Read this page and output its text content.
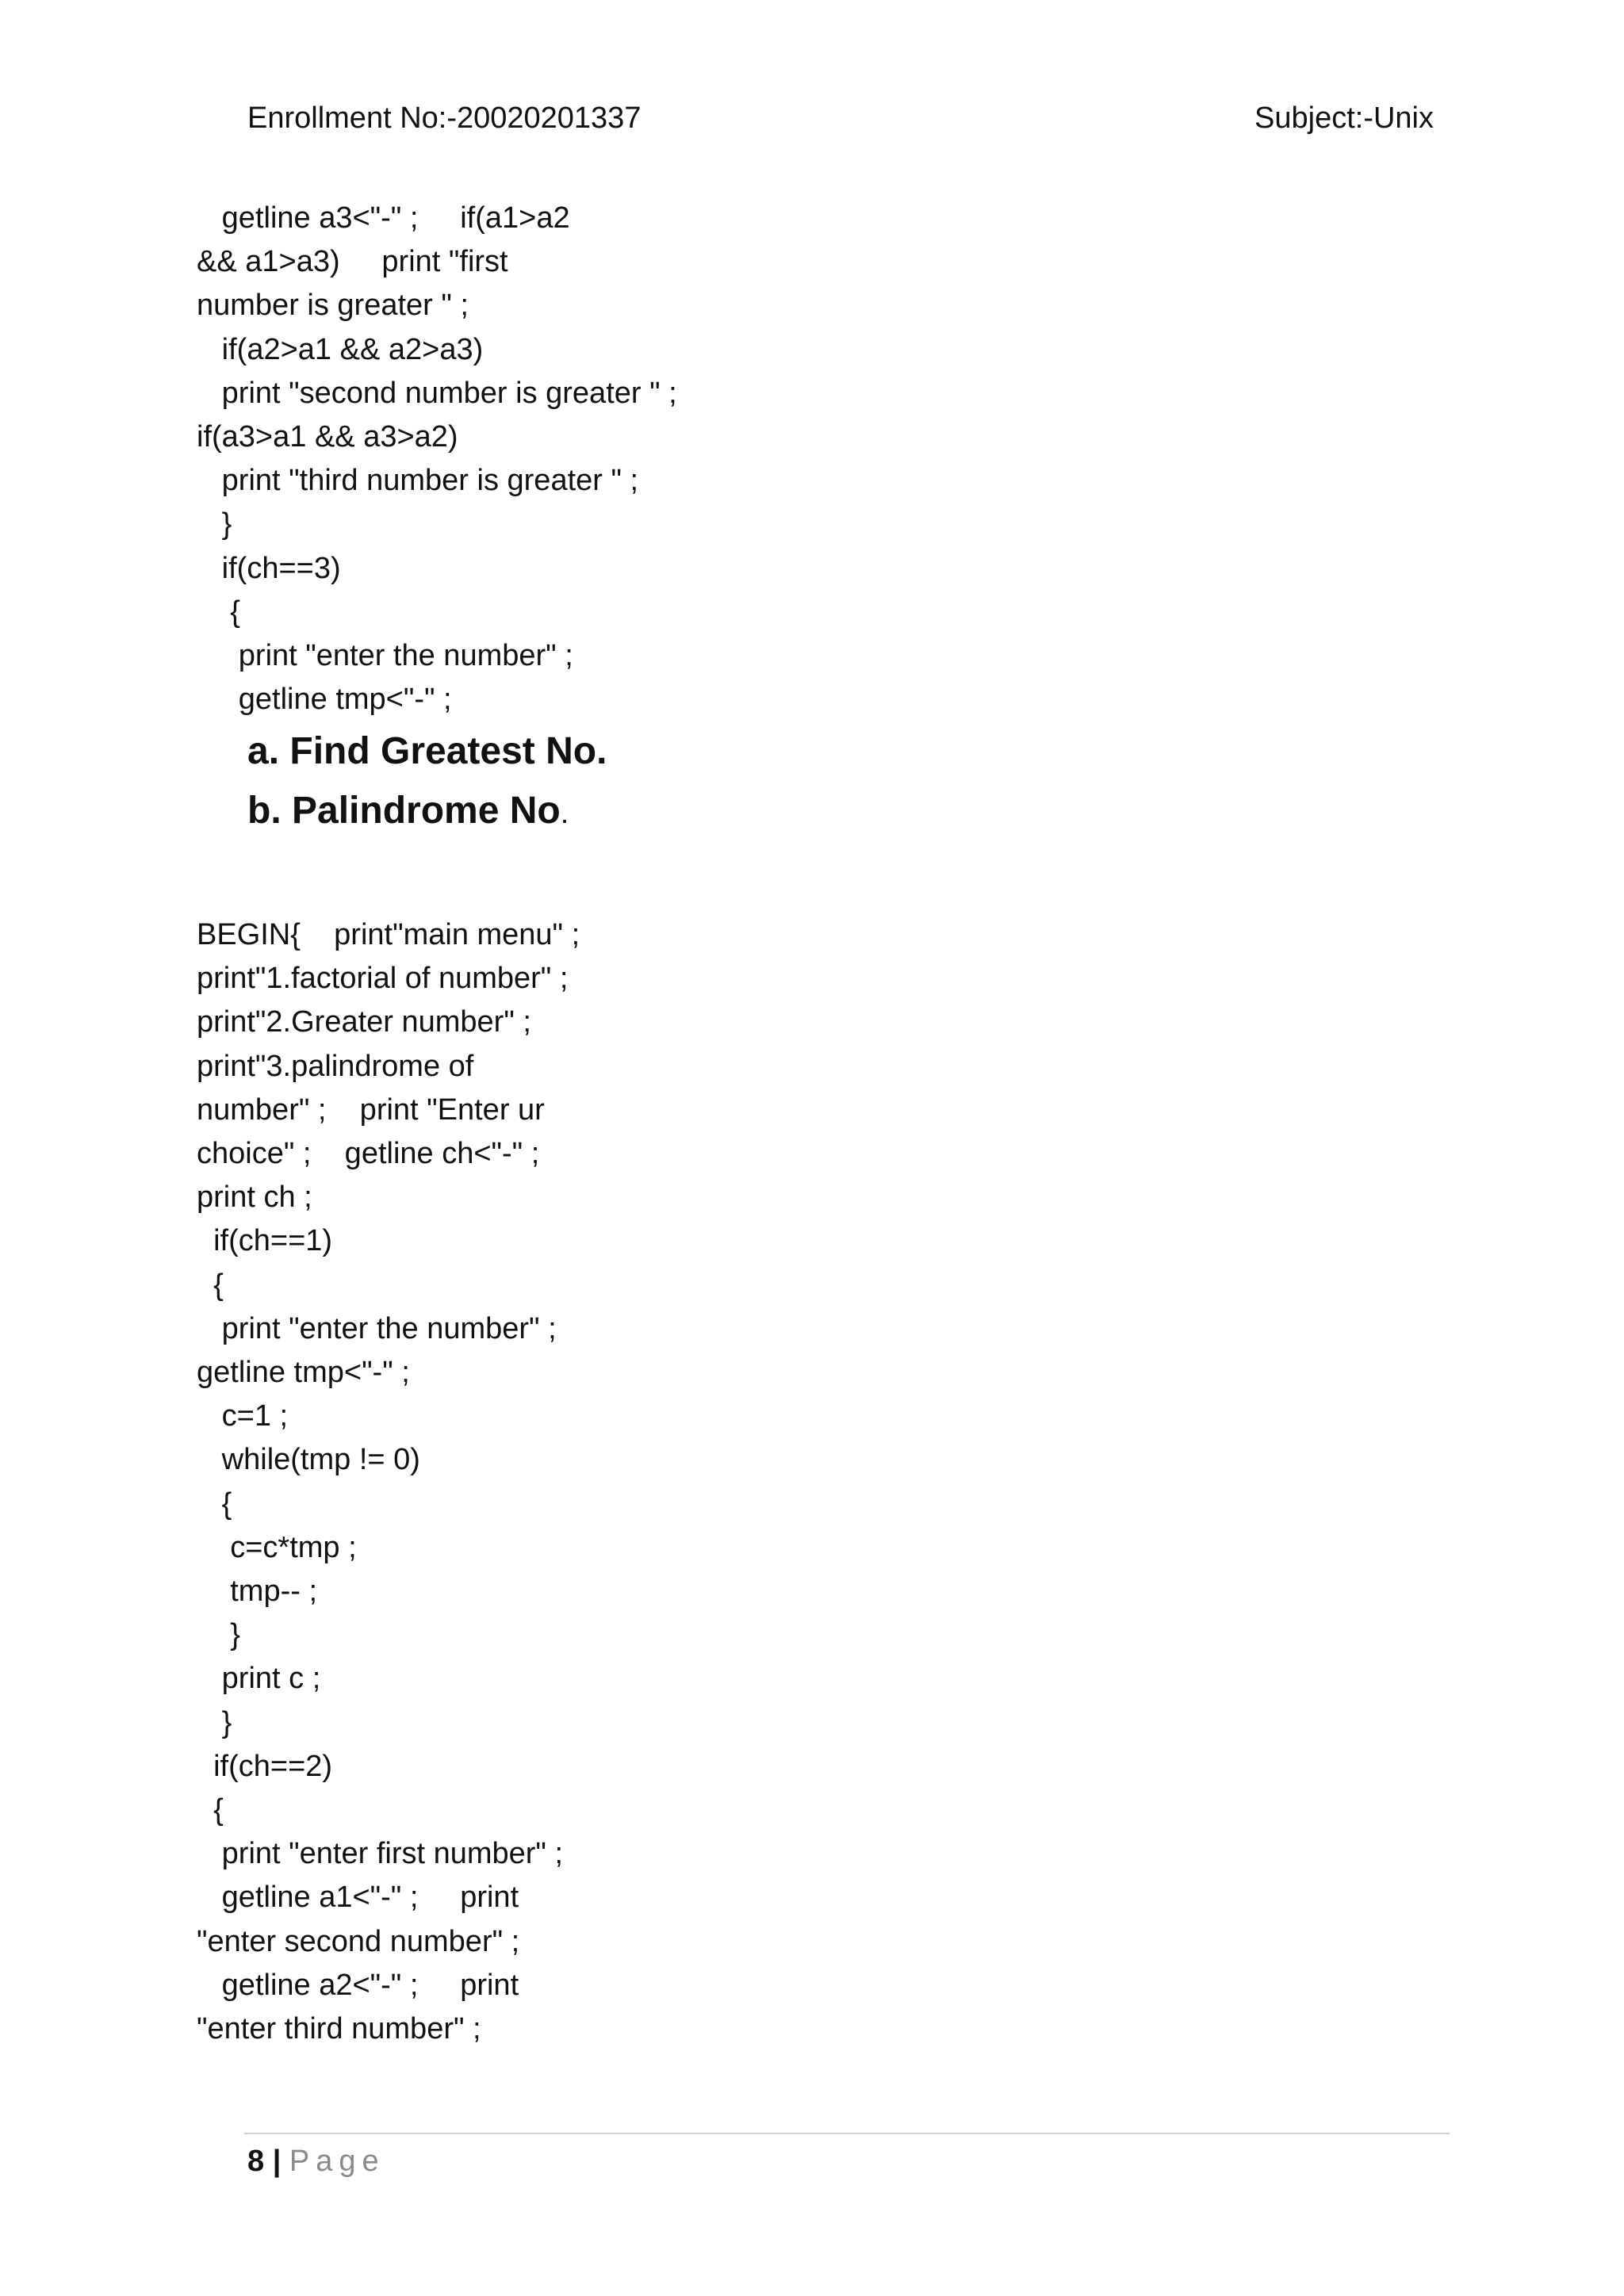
Enrollment No:-20020201337	Subject:-Unix
getline a3<"-" ;     if(a1>a2
&& a1>a3)     print "first
number is greater " ;
if(a2>a1 && a2>a3)
print "second number is greater " ;
if(a3>a1 && a3>a2)
print "third number is greater " ;
}
if(ch==3)
{
print "enter the number" ;
getline tmp<"-" ;
a. Find Greatest No.
b. Palindrome No.
BEGIN{    print"main menu" ;
print"1.factorial of number" ;
print"2.Greater number" ;
print"3.palindrome of
number" ;    print "Enter ur
choice" ;    getline ch<"-" ;
print ch ;
if(ch==1)
{
print "enter the number" ;
getline tmp<"-" ;
c=1 ;
while(tmp != 0)
{
c=c*tmp ;
tmp-- ;
}
print c ;
}
if(ch==2)
{
print "enter first number" ;
getline a1<"-" ;     print
"enter second number" ;
getline a2<"-" ;     print
"enter third number" ;
8 | Page
